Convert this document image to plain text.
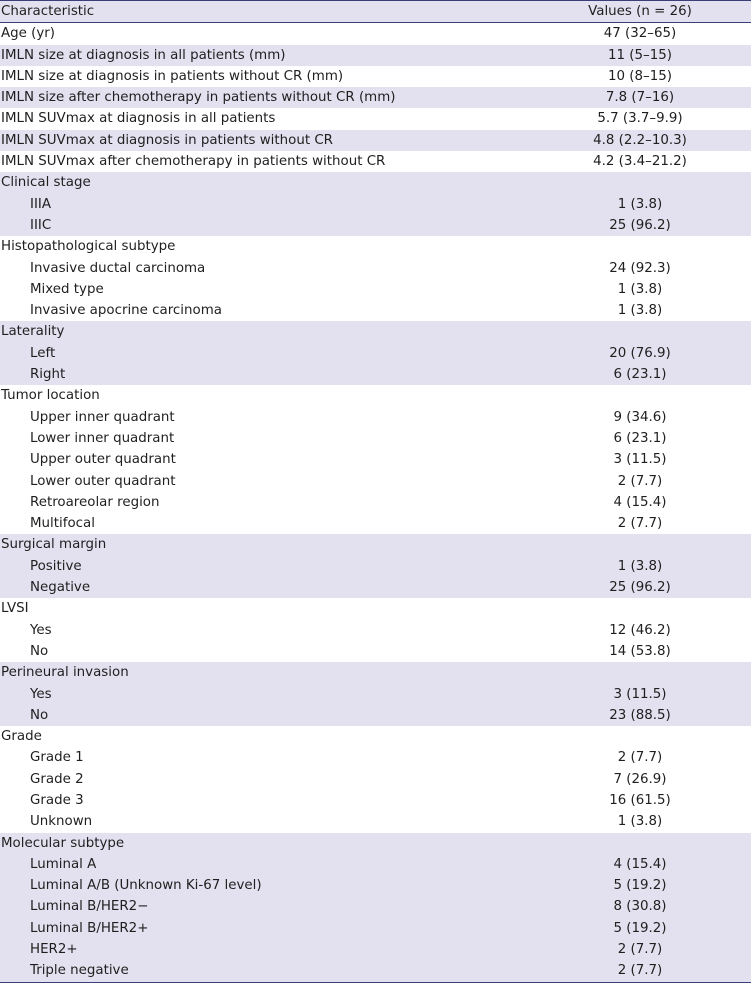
Characteristic	Values (n = 26)
Age (yr)	47 (32–65)
IMLN size at diagnosis in all patients (mm)	11 (5–15)
IMLN size at diagnosis in patients without CR (mm)	10 (8–15)
IMLN size after chemotherapy in patients without CR (mm)	7.8 (7–16)
IMLN SUVmax at diagnosis in all patients	5.7 (3.7–9.9)
IMLN SUVmax at diagnosis in patients without CR	4.8 (2.2–10.3)
IMLN SUVmax after chemotherapy in patients without CR	4.2 (3.4–21.2)
Clinical stage
IIIA	1 (3.8)
IIIC	25 (96.2)
Histopathological subtype
Invasive ductal carcinoma	24 (92.3)
Mixed type	1 (3.8)
Invasive apocrine carcinoma	1 (3.8)
Laterality
Left	20 (76.9)
Right	6 (23.1)
Tumor location
Upper inner quadrant	9 (34.6)
Lower inner quadrant	6 (23.1)
Upper outer quadrant	3 (11.5)
Lower outer quadrant	2 (7.7)
Retroareolar region	4 (15.4)
Multifocal	2 (7.7)
Surgical margin
Positive	1 (3.8)
Negative	25 (96.2)
LVSI
Yes	12 (46.2)
No	14 (53.8)
Perineural invasion
Yes	3 (11.5)
No	23 (88.5)
Grade
Grade 1	2 (7.7)
Grade 2	7 (26.9)
Grade 3	16 (61.5)
Unknown	1 (3.8)
Molecular subtype
Luminal A	4 (15.4)
Luminal A/B (Unknown Ki-67 level)	5 (19.2)
Luminal B/HER2−	8 (30.8)
Luminal B/HER2+	5 (19.2)
HER2+	2 (7.7)
Triple negative	2 (7.7)
